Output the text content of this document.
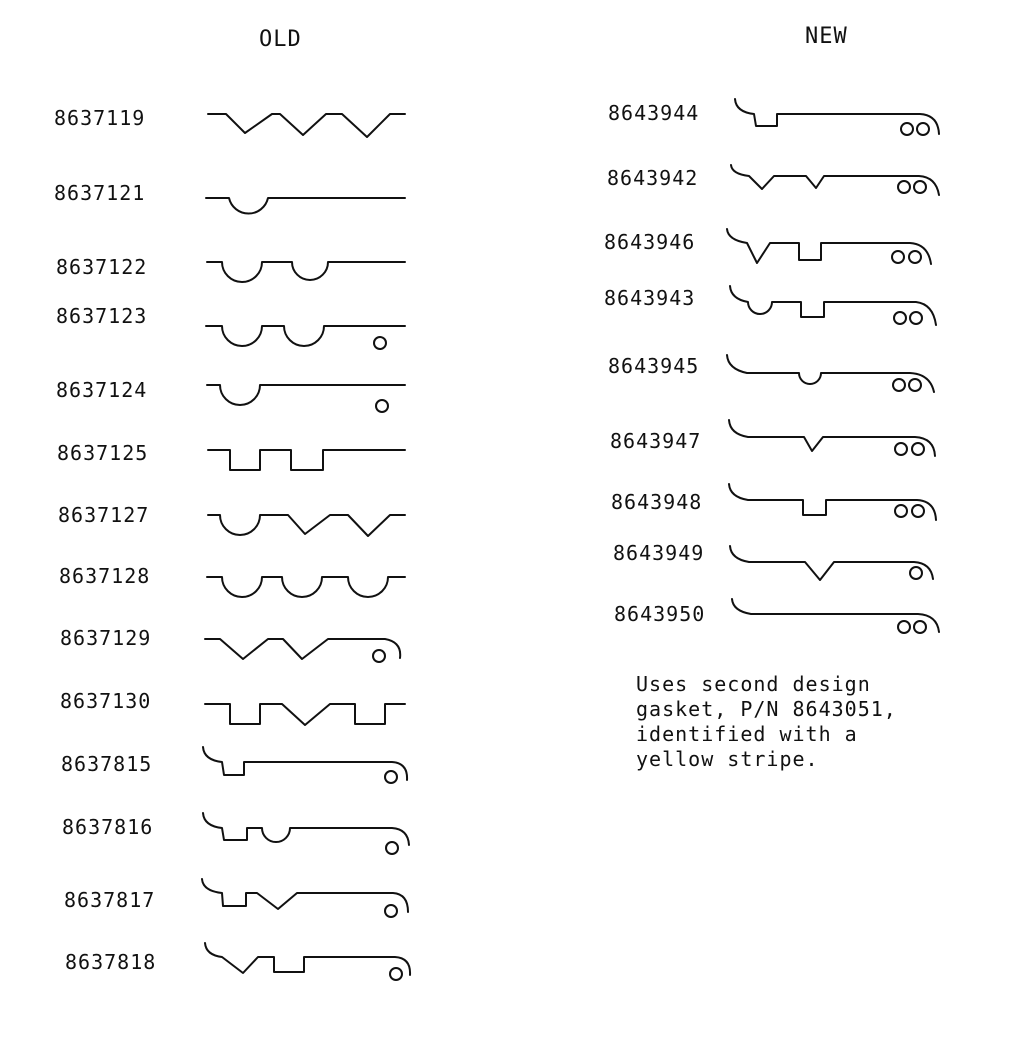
OLD	NEW
8637119
8637121
8637122
8637123
8637124
8637125
8637127
8637128
8637129
8637130
8637815
8637816
8637817
8637818
8643944
8643942
8643946
8643943
8643945
8643947
8643948
8643949
8643950
Uses second design
gasket, P/N 8643051,
identified with a
yellow stripe.
